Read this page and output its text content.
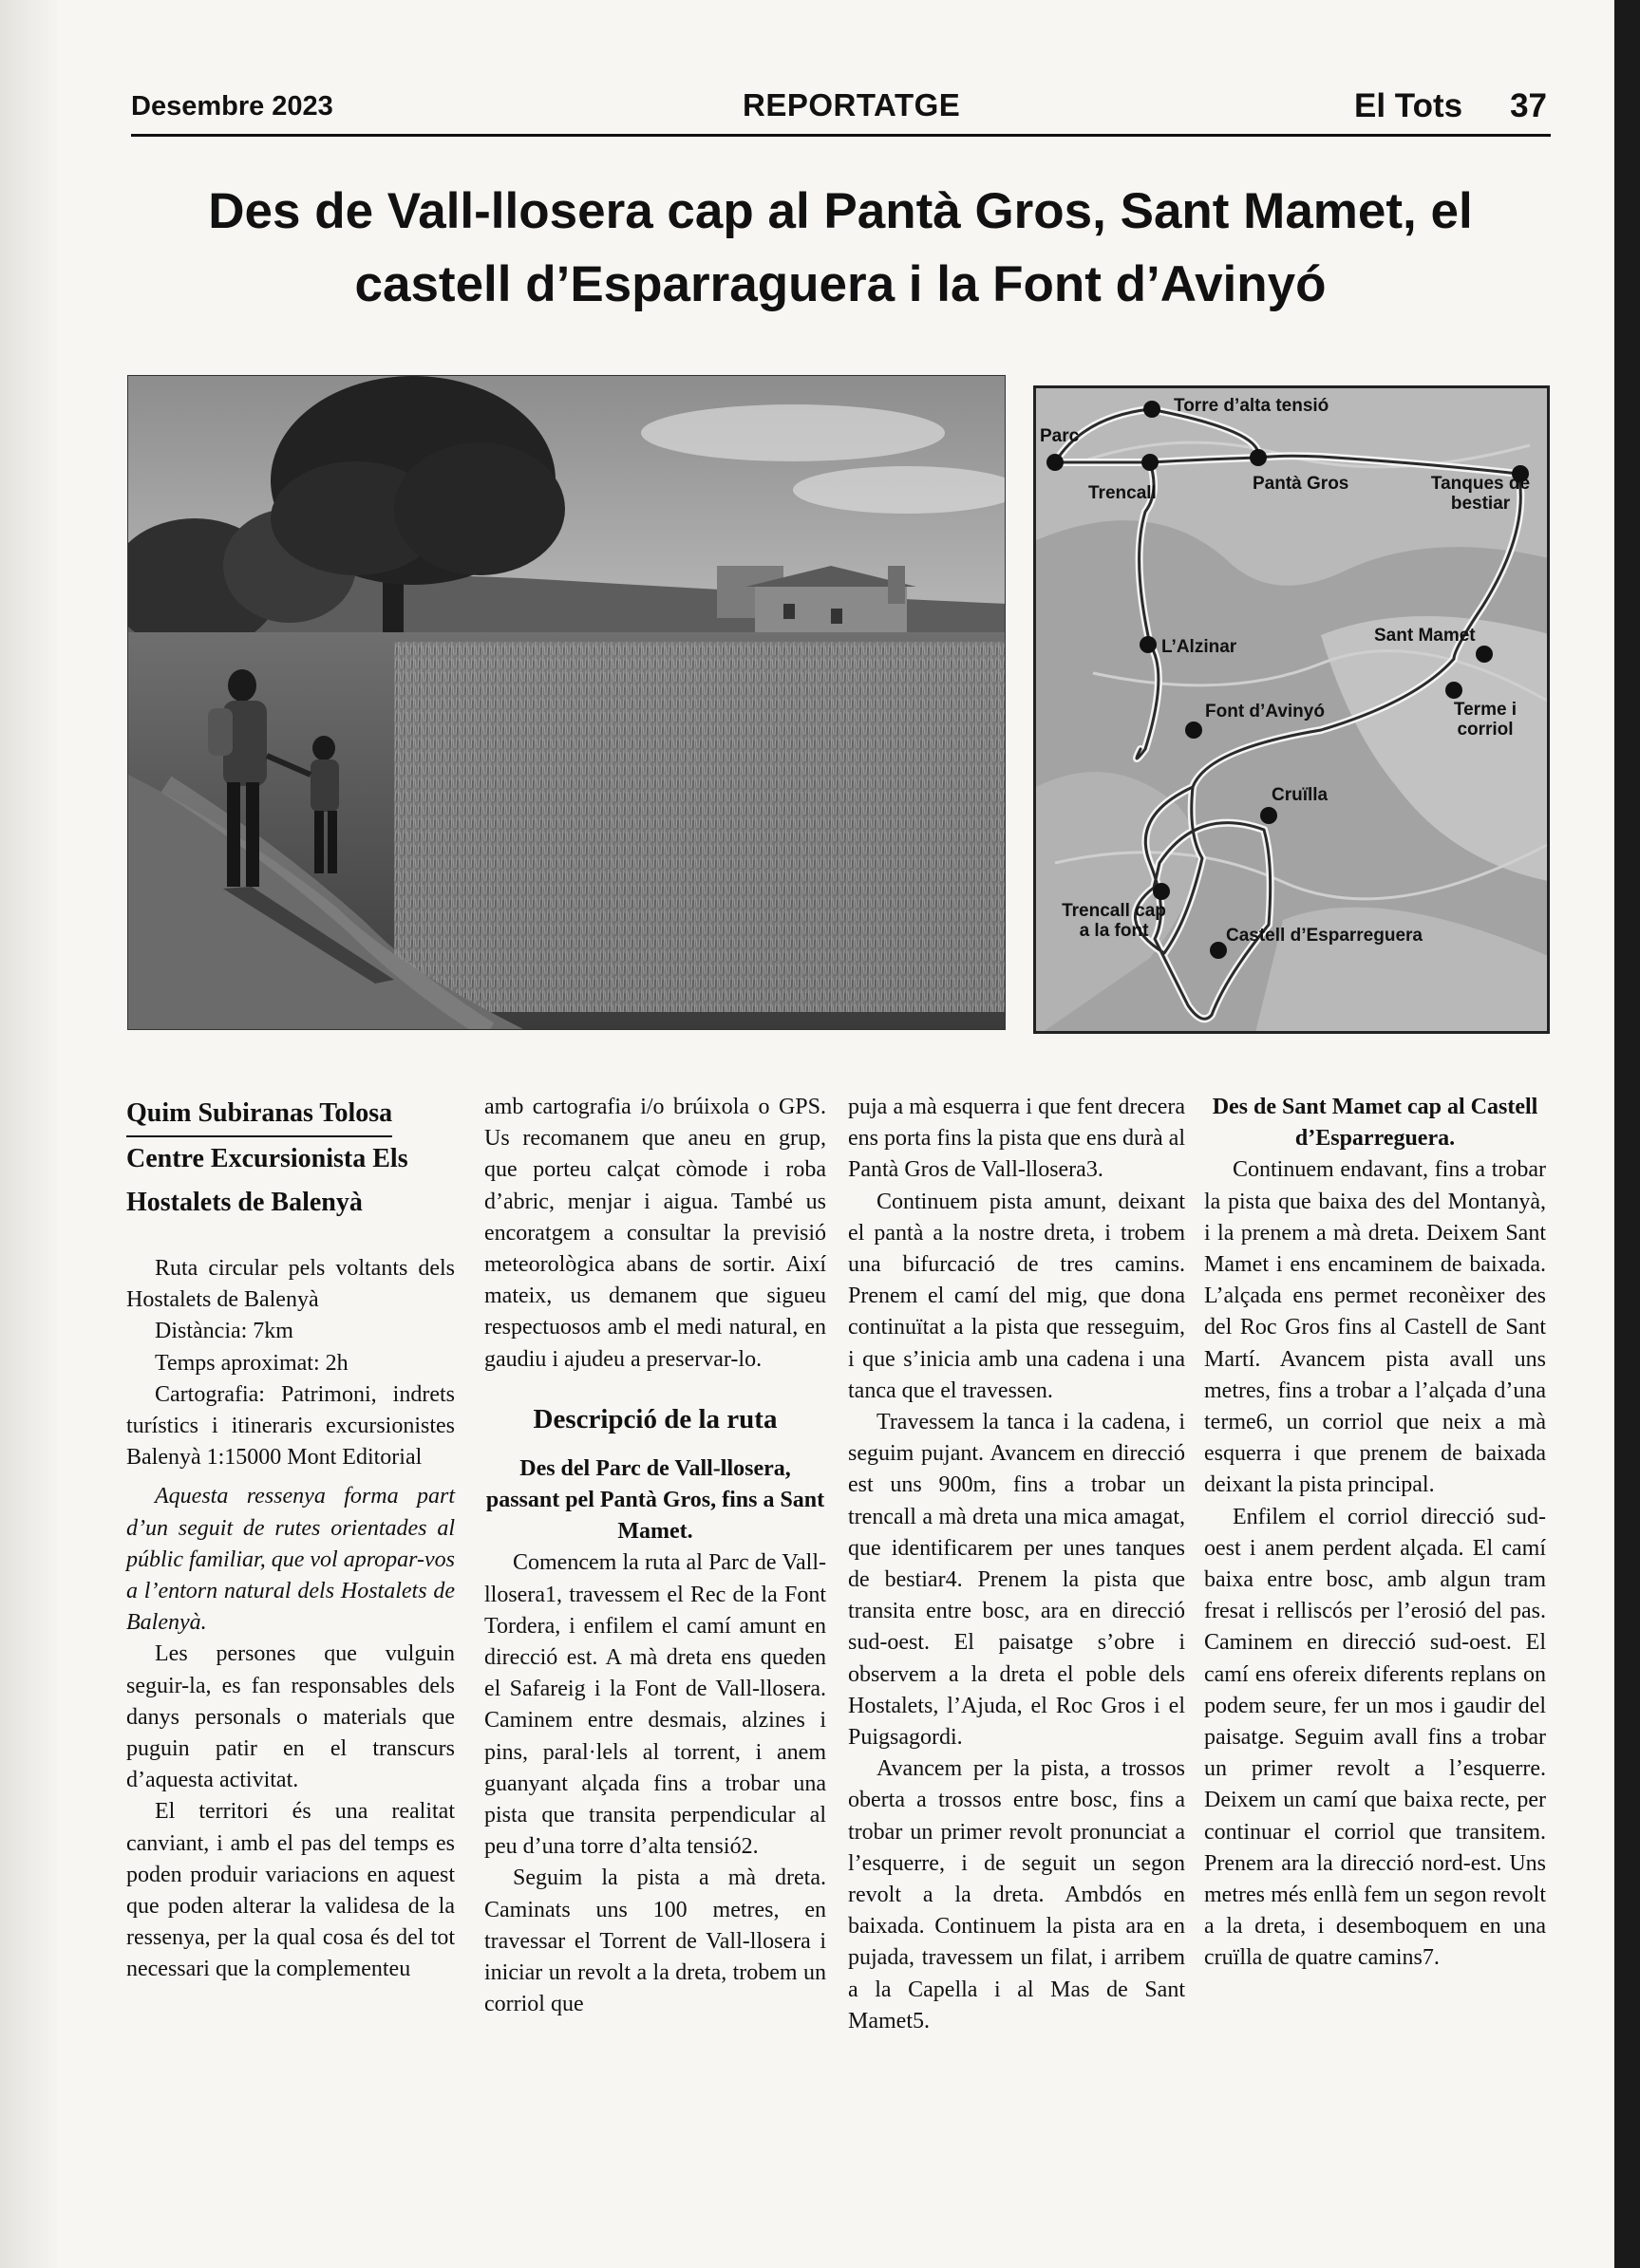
Desembre 2023	REPORTATGE	El Tots 37
Des de Vall-llosera cap al Pantà Gros, Sant Mamet, el castell d’Esparraguera i la Font d’Avinyó
Torre d’alta tensió
Parc
Trencall	Pantà Gros	Tanques de bestiar
L’Alzinar
Sant Mamet
Font d’Avinyó	Terme i corriol
Cruïlla
Trencall cap a la font	Castell d’Esparreguera
Quim Subiranas Tolosa
Centre Excursionista Els Hostalets de Balenyà

Ruta circular pels voltants dels Hostalets de Balenyà

Distància: 7km

Temps aproximat: 2h

Cartografia: Patrimoni, indrets turístics i itineraris excursionistes Balenyà 1:15000 Mont Editorial

Aquesta ressenya forma part d’un seguit de rutes orientades al públic familiar, que vol apropar-vos a l’entorn natural dels Hostalets de Balenyà.

Les persones que vulguin seguir-la, es fan responsables dels danys personals o materials que puguin patir en el transcurs d’aquesta activitat.

El territori és una realitat canviant, i amb el pas del temps es poden produir variacions en aquest que poden alterar la validesa de la ressenya, per la qual cosa és del tot necessari que la complementeu

amb cartografia i/o brúixola o GPS. Us recomanem que aneu en grup, que porteu calçat còmode i roba d’abric, menjar i aigua. També us encoratgem a consultar la previsió meteorològica abans de sortir. Així mateix, us demanem que sigueu respectuosos amb el medi natural, en gaudiu i ajudeu a preservar-lo.

Descripció de la ruta

Des del Parc de Vall-llosera, passant pel Pantà Gros, fins a Sant Mamet.

Comencem la ruta al Parc de Vall-llosera1, travessem el Rec de la Font Tordera, i enfilem el camí amunt en direcció est. A mà dreta ens queden el Safareig i la Font de Vall-llosera. Caminem entre desmais, alzines i pins, paral·lels al torrent, i anem guanyant alçada fins a trobar una pista que transita perpendicular al peu d’una torre d’alta tensió2.

Seguim la pista a mà dreta. Caminats uns 100 metres, en travessar el Torrent de Vall-llosera i iniciar un revolt a la dreta, trobem un corriol que

puja a mà esquerra i que fent drecera ens porta fins la pista que ens durà al Pantà Gros de Vall-llosera3.

Continuem pista amunt, deixant el pantà a la nostre dreta, i trobem una bifurcació de tres camins. Prenem el camí del mig, que dona continuïtat a la pista que resseguim, i que s’inicia amb una cadena i una tanca que el travessen.

Travessem la tanca i la cadena, i seguim pujant. Avancem en direcció est uns 900m, fins a trobar un trencall a mà dreta una mica amagat, que identificarem per unes tanques de bestiar4. Prenem la pista que transita entre bosc, ara en direcció sud-oest. El paisatge s’obre i observem a la dreta el poble dels Hostalets, l’Ajuda, el Roc Gros i el Puigsagordi.

Avancem per la pista, a trossos oberta a trossos entre bosc, fins a trobar un primer revolt pronunciat a l’esquerre, i de seguit un segon revolt a la dreta. Ambdós en baixada. Continuem la pista ara en pujada, travessem un filat, i arribem a la Capella i al Mas de Sant Mamet5.

Des de Sant Mamet cap al Castell d’Esparreguera.

Continuem endavant, fins a trobar la pista que baixa des del Montanyà, i la prenem a mà dreta. Deixem Sant Mamet i ens encaminem de baixada. L’alçada ens permet reconèixer des del Roc Gros fins al Castell de Sant Martí. Avancem pista avall uns metres, fins a trobar a l’alçada d’una terme6, un corriol que neix a mà esquerra i que prenem de baixada deixant la pista principal.

Enfilem el corriol direcció sud-oest i anem perdent alçada. El camí baixa entre bosc, amb algun tram fresat i relliscós per l’erosió del pas. Caminem en direcció sud-oest. El camí ens ofereix diferents replans on podem seure, fer un mos i gaudir del paisatge. Seguim avall fins a trobar un primer revolt a l’esquerre. Deixem un camí que baixa recte, per continuar el corriol que transitem. Prenem ara la direcció nord-est. Uns metres més enllà fem un segon revolt a la dreta, i desemboquem en una cruïlla de quatre camins7.
